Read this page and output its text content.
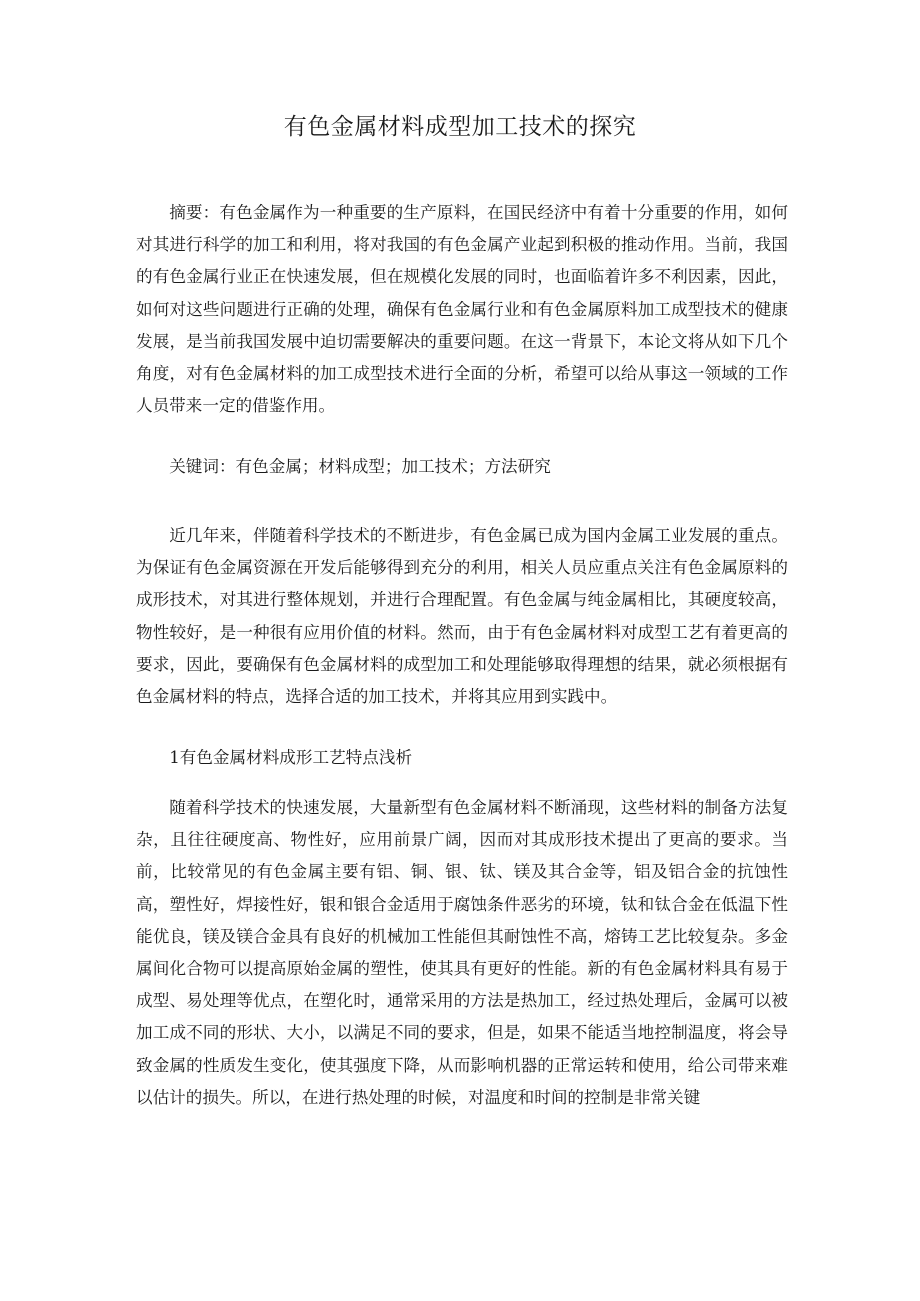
有色金属材料成型加工技术的探究

摘要：有色金属作为一种重要的生产原料，在国民经济中有着十分重要的作用，如何对其进行科学的加工和利用，将对我国的有色金属产业起到积极的推动作用。当前，我国的有色金属行业正在快速发展，但在规模化发展的同时，也面临着许多不利因素，因此，如何对这些问题进行正确的处理，确保有色金属行业和有色金属原料加工成型技术的健康发展，是当前我国发展中迫切需要解决的重要问题。在这一背景下，本论文将从如下几个角度，对有色金属材料的加工成型技术进行全面的分析，希望可以给从事这一领域的工作人员带来一定的借鉴作用。

关键词：有色金属；材料成型；加工技术；方法研究

近几年来，伴随着科学技术的不断进步，有色金属已成为国内金属工业发展的重点。为保证有色金属资源在开发后能够得到充分的利用，相关人员应重点关注有色金属原料的成形技术，对其进行整体规划，并进行合理配置。有色金属与纯金属相比，其硬度较高，物性较好，是一种很有应用价值的材料。然而，由于有色金属材料对成型工艺有着更高的要求，因此，要确保有色金属材料的成型加工和处理能够取得理想的结果，就必须根据有色金属材料的特点，选择合适的加工技术，并将其应用到实践中。

1有色金属材料成形工艺特点浅析

随着科学技术的快速发展，大量新型有色金属材料不断涌现，这些材料的制备方法复杂，且往往硬度高、物性好，应用前景广阔，因而对其成形技术提出了更高的要求。当前，比较常见的有色金属主要有铝、铜、银、钛、镁及其合金等，铝及铝合金的抗蚀性高，塑性好，焊接性好，银和银合金适用于腐蚀条件恶劣的环境，钛和钛合金在低温下性能优良，镁及镁合金具有良好的机械加工性能但其耐蚀性不高，熔铸工艺比较复杂。多金属间化合物可以提高原始金属的塑性，使其具有更好的性能。新的有色金属材料具有易于成型、易处理等优点，在塑化时，通常采用的方法是热加工，经过热处理后，金属可以被加工成不同的形状、大小，以满足不同的要求，但是，如果不能适当地控制温度，将会导致金属的性质发生变化，使其强度下降，从而影响机器的正常运转和使用，给公司带来难以估计的损失。所以，在进行热处理的时候，对温度和时间的控制是非常关键
